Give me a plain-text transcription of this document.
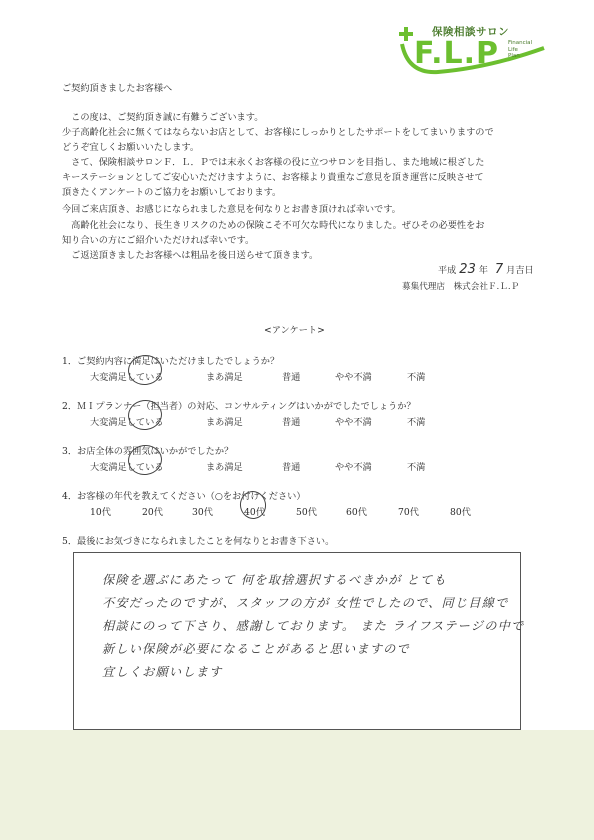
保険相談サロン
F.L.P Financial
Life
Plan
ご契約頂きましたお客様へ
　この度は、ご契約頂き誠に有難うございます。
少子高齢化社会に無くてはならないお店として、お客様にしっかりとしたサポートをしてまいりますので
どうぞ宜しくお願いいたします。
　さて、保険相談サロンＦ．Ｌ．Ｐでは末永くお客様の役に立つサロンを目指し、また地域に根ざした
キーステーションとしてご安心いただけますように、お客様より貴重なご意見を頂き運営に反映させて
頂きたくアンケートのご協力をお願いしております。
今回ご来店頂き、お感じになられました意見を何なりとお書き頂ければ幸いです。
　高齢化社会になり、長生きリスクのための保険こそ不可欠な時代になりました。ぜひその必要性をお
知り合いの方にご紹介いただければ幸いです。
　ご返送頂きましたお客様へは粗品を後日送らせて頂きます。
平成 23 年 7 月吉日
募集代理店　株式会社Ｆ.Ｌ.Ｐ
<アンケート>
1．ご契約内容に満足はいただけましたでしょうか？
大変満足している	まあ満足	普通	やや不満	不満
2．ＭＩプランナー（担当者）の対応、コンサルティングはいかがでしたでしょうか？
大変満足している	まあ満足	普通	やや不満	不満
3．お店全体の雰囲気はいかがでしたか？
大変満足している	まあ満足	普通	やや不満	不満
4．お客様の年代を教えてください（○をお付けください）
10代	20代	30代	40代	50代	60代	70代	80代
5．最後にお気づきになられましたことを何なりとお書き下さい。
保険を選ぶにあたって 何を取捨選択するべきかが とても
不安だったのですが、スタッフの方が 女性でしたので、同じ目線で
相談にのって下さり、感謝しております。 また ライフステージの中で
新しい保険が必要になることがあると思いますので
宜しくお願いします
